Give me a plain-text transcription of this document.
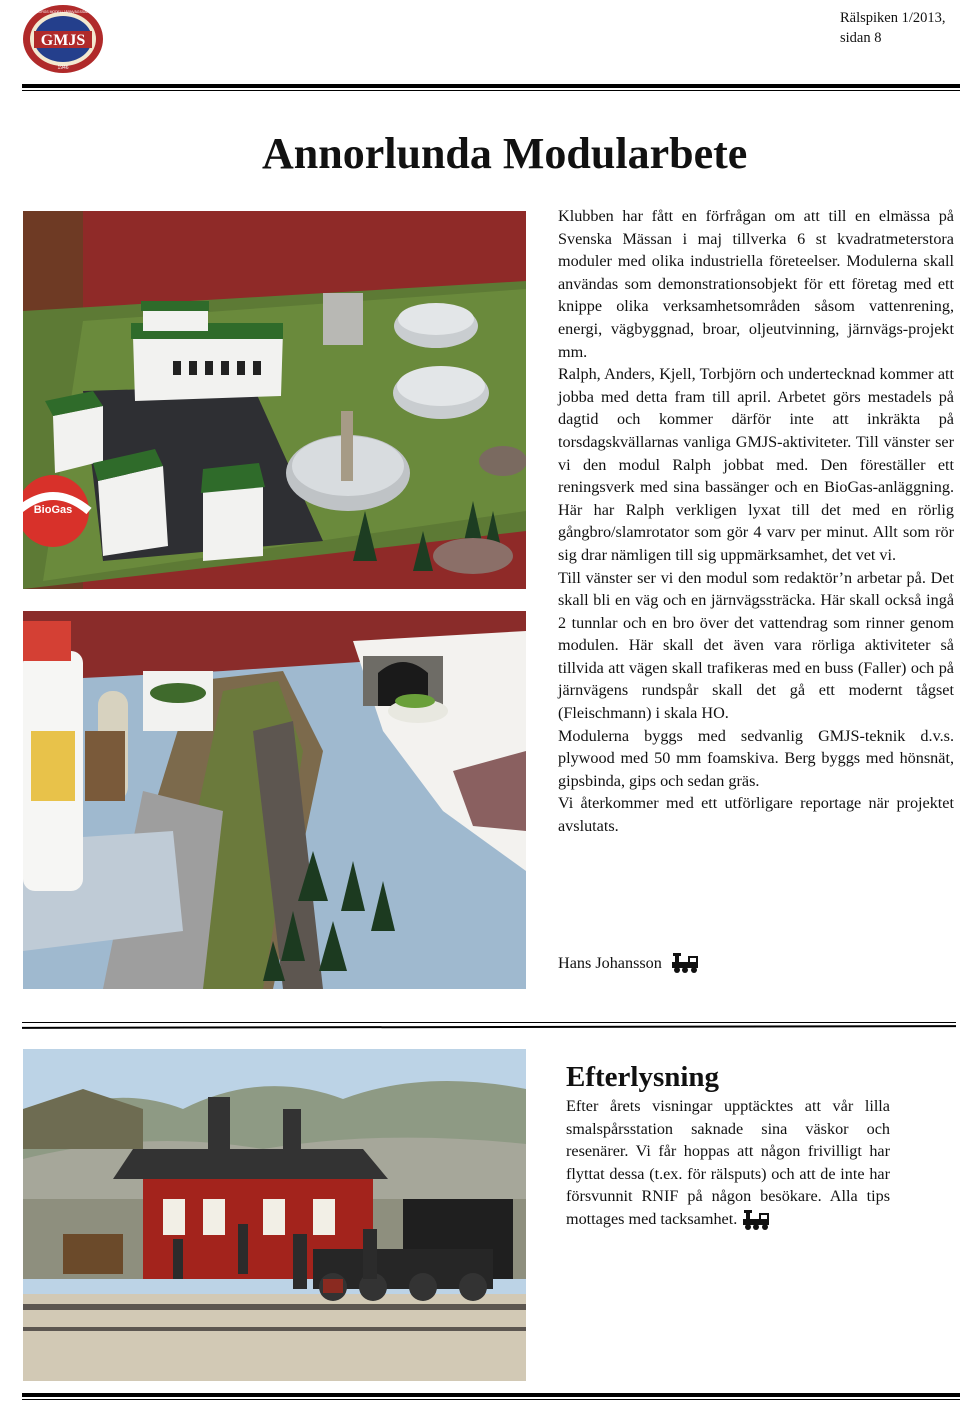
GMJS
1946
GÖTEBORGS MODELLJÄRNVÄGSSÄLLSKAP	Rälspiken 1/2013,
sidan 8
Annorlunda Modularbete
BioGas

Klubben har fått en förfrågan om att till en elmässa på Svenska Mässan i maj tillverka 6 st kvadratmeterstora moduler med olika industriella företeelser. Modulerna skall användas som demonstrationsobjekt för ett företag med ett knippe olika verksamhetsområden såsom vattenrening, energi, vägbyggnad, broar, oljeutvinning, järnvägs-projekt mm.

Ralph, Anders, Kjell, Torbjörn och undertecknad kommer att jobba med detta fram till april. Arbetet görs mestadels på dagtid och kommer därför inte att inkräkta på torsdagskvällarnas vanliga GMJS-aktiviteter. Till vänster ser vi den modul Ralph jobbat med. Den föreställer ett reningsverk med sina bassänger och en BioGas-anläggning. Här har Ralph verkligen lyxat till det med en rörlig gångbro/slamrotator som gör 4 varv per minut. Allt som rör sig drar nämligen till sig uppmärksamhet, det vet vi.

Till vänster ser vi den modul som redaktör’n arbetar på. Det skall bli en väg och en järnvägssträcka. Här skall också ingå 2 tunnlar och en bro över det vattendrag som rinner genom modulen. Här skall det även vara rörliga aktiviteter så tillvida att vägen skall trafikeras med en buss (Faller) och på järnvägens rundspår skall det gå ett modernt tågset (Fleischmann) i skala HO.

Modulerna byggs med sedvanlig GMJS-teknik d.v.s. plywood med 50 mm foamskiva. Berg byggs med hönsnät, gipsbinda, gips och sedan gräs.

Vi återkommer med ett utförligare reportage när projektet avslutats.

Hans Johansson
Efterlysning
Efter årets visningar upptäcktes att vår lilla smalspårsstation saknade sina väskor och resenärer. Vi får hoppas att någon frivilligt har flyttat dessa (t.ex. för rälsputs) och att de inte har försvunnit RNIF på någon besökare. Alla tips mottages med tacksamhet.
